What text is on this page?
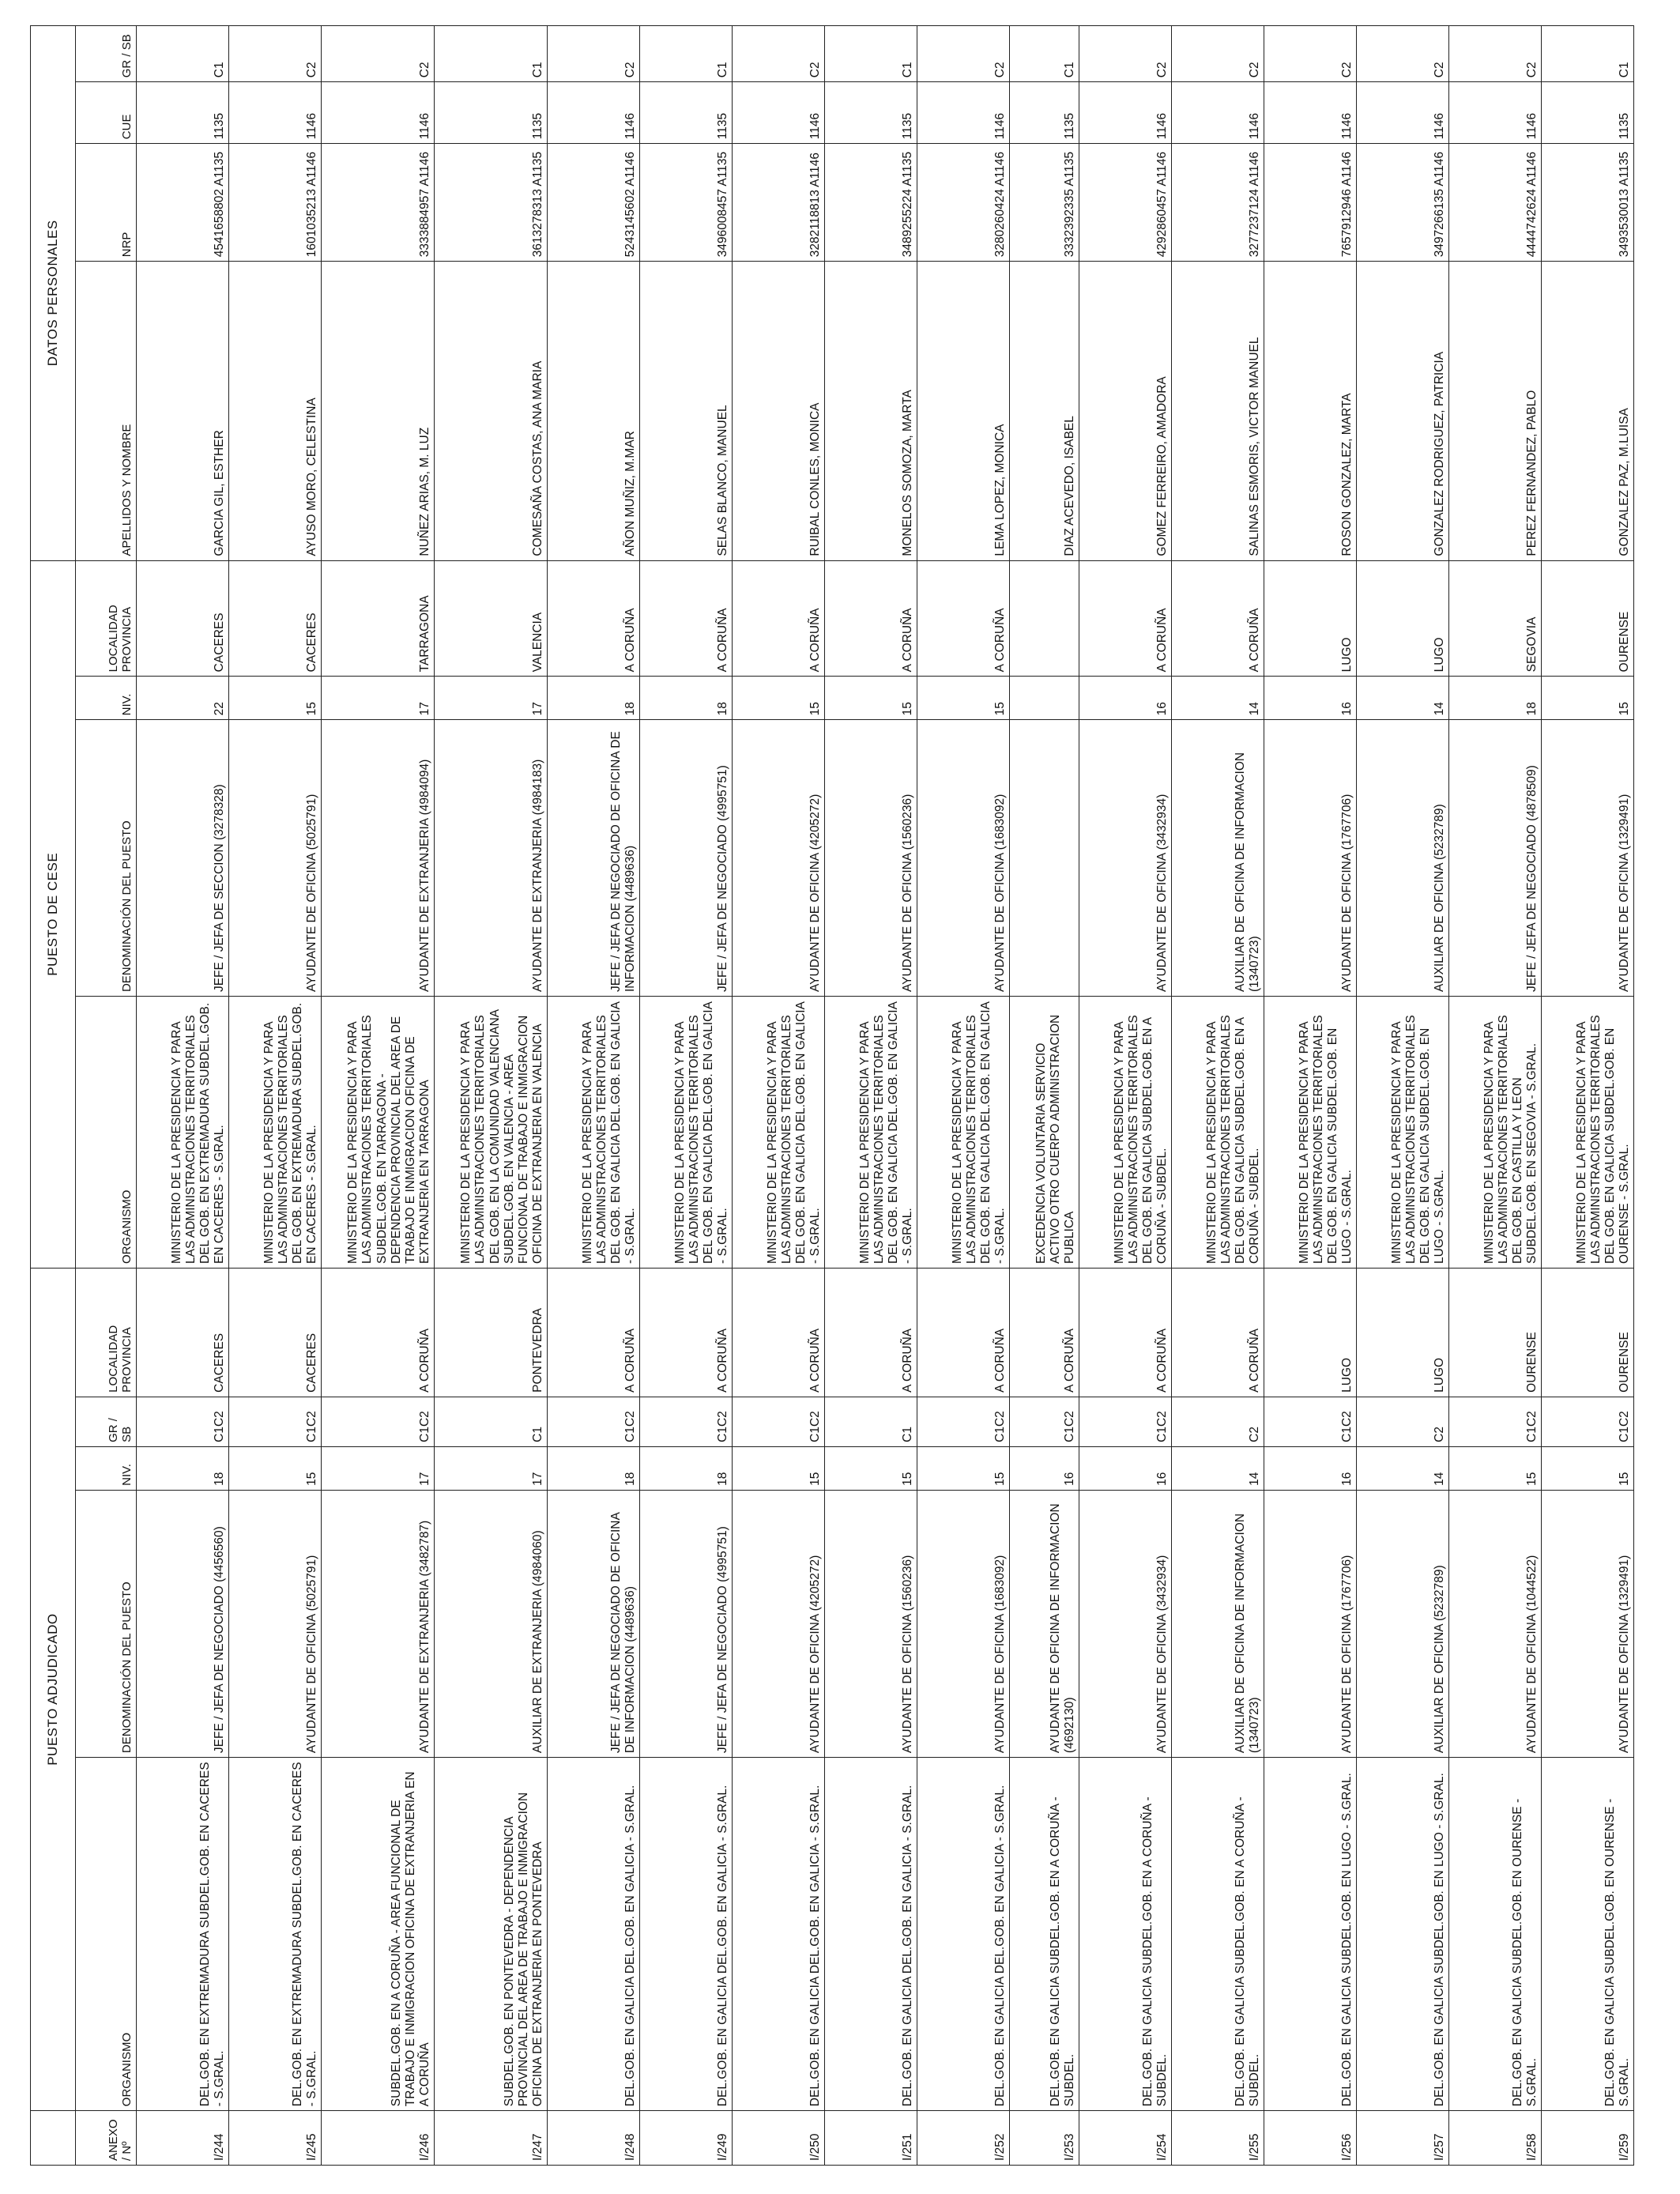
	PUESTO ADJUDICADO					PUESTO DE CESE				DATOS PERSONALES			
ANEXO / Nº	ORGANISMO	DENOMINACIÓN DEL PUESTO	NIV.	GR / SB	LOCALIDAD PROVINCIA	ORGANISMO	DENOMINACIÓN DEL PUESTO	NIV.	LOCALIDAD PROVINCIA	APELLIDOS Y NOMBRE	NRP	CUE	GR / SB
I/244	DEL.GOB. EN EXTREMADURA SUBDEL.GOB. EN CACERES - S.GRAL.	JEFE / JEFA DE NEGOCIADO (4456560)	18	C1C2	CACERES	MINISTERIO DE LA PRESIDENCIA Y PARA LAS ADMINISTRACIONES TERRITORIALES DEL GOB. EN EXTREMADURA SUBDEL.GOB. EN CACERES - S.GRAL.	JEFE / JEFA DE SECCION (3278328)	22	CACERES	GARCIA GIL, ESTHER	4541658802 A1135	1135	C1
I/245	DEL.GOB. EN EXTREMADURA SUBDEL.GOB. EN CACERES - S.GRAL.	AYUDANTE DE OFICINA (5025791)	15	C1C2	CACERES	MINISTERIO DE LA PRESIDENCIA Y PARA LAS ADMINISTRACIONES TERRITORIALES DEL GOB. EN EXTREMADURA SUBDEL.GOB. EN CACERES - S.GRAL.	AYUDANTE DE OFICINA (5025791)	15	CACERES	AYUSO MORO, CELESTINA	1601035213 A1146	1146	C2
I/246	SUBDEL.GOB. EN A CORUÑA - AREA FUNCIONAL DE TRABAJO E INMIGRACION OFICINA DE EXTRANJERIA EN A CORUÑA	AYUDANTE DE EXTRANJERIA (3482787)	17	C1C2	A CORUÑA	MINISTERIO DE LA PRESIDENCIA Y PARA LAS ADMINISTRACIONES TERRITORIALES SUBDEL.GOB. EN TARRAGONA - DEPENDENCIA PROVINCIAL DEL AREA DE TRABAJO E INMIGRACION OFICINA DE EXTRANJERIA EN TARRAGONA	AYUDANTE DE EXTRANJERIA (4984094)	17	TARRAGONA	NUÑEZ ARIAS, M. LUZ	3333884957 A1146	1146	C2
I/247	SUBDEL.GOB. EN PONTEVEDRA - DEPENDENCIA PROVINCIAL DEL AREA DE TRABAJO E INMIGRACION OFICINA DE EXTRANJERIA EN PONTEVEDRA	AUXILIAR DE EXTRANJERIA (4984060)	17	C1	PONTEVEDRA	MINISTERIO DE LA PRESIDENCIA Y PARA LAS ADMINISTRACIONES TERRITORIALES DEL GOB. EN LA COMUNIDAD VALENCIANA SUBDEL.GOB. EN VALENCIA - AREA FUNCIONAL DE TRABAJO E INMIGRACION OFICINA DE EXTRANJERIA EN VALENCIA	AYUDANTE DE EXTRANJERIA (4984183)	17	VALENCIA	COMESAÑA COSTAS, ANA MARIA	3613278313 A1135	1135	C1
I/248	DEL.GOB. EN GALICIA DEL.GOB. EN GALICIA - S.GRAL.	JEFE / JEFA DE NEGOCIADO DE OFICINA DE INFORMACION (4489636)	18	C1C2	A CORUÑA	MINISTERIO DE LA PRESIDENCIA Y PARA LAS ADMINISTRACIONES TERRITORIALES DEL GOB. EN GALICIA DEL.GOB. EN GALICIA - S.GRAL.	JEFE / JEFA DE NEGOCIADO DE OFICINA DE INFORMACION (4489636)	18	A CORUÑA	AÑON MUÑIZ, M.MAR	5243145602 A1146	1146	C2
I/249	DEL.GOB. EN GALICIA DEL.GOB. EN GALICIA - S.GRAL.	JEFE / JEFA DE NEGOCIADO (4995751)	18	C1C2	A CORUÑA	MINISTERIO DE LA PRESIDENCIA Y PARA LAS ADMINISTRACIONES TERRITORIALES DEL GOB. EN GALICIA DEL.GOB. EN GALICIA - S.GRAL.	JEFE / JEFA DE NEGOCIADO (4995751)	18	A CORUÑA	SELAS BLANCO, MANUEL	3496008457 A1135	1135	C1
I/250	DEL.GOB. EN GALICIA DEL.GOB. EN GALICIA - S.GRAL.	AYUDANTE DE OFICINA (4205272)	15	C1C2	A CORUÑA	MINISTERIO DE LA PRESIDENCIA Y PARA LAS ADMINISTRACIONES TERRITORIALES DEL GOB. EN GALICIA DEL.GOB. EN GALICIA - S.GRAL.	AYUDANTE DE OFICINA (4205272)	15	A CORUÑA	RUIBAL CONLES, MONICA	3282118813 A1146	1146	C2
I/251	DEL.GOB. EN GALICIA DEL.GOB. EN GALICIA - S.GRAL.	AYUDANTE DE OFICINA (1560236)	15	C1	A CORUÑA	MINISTERIO DE LA PRESIDENCIA Y PARA LAS ADMINISTRACIONES TERRITORIALES DEL GOB. EN GALICIA DEL.GOB. EN GALICIA - S.GRAL.	AYUDANTE DE OFICINA (1560236)	15	A CORUÑA	MONELOS SOMOZA, MARTA	3489255224 A1135	1135	C1
I/252	DEL.GOB. EN GALICIA DEL.GOB. EN GALICIA - S.GRAL.	AYUDANTE DE OFICINA (1683092)	15	C1C2	A CORUÑA	MINISTERIO DE LA PRESIDENCIA Y PARA LAS ADMINISTRACIONES TERRITORIALES DEL GOB. EN GALICIA DEL.GOB. EN GALICIA - S.GRAL.	AYUDANTE DE OFICINA (1683092)	15	A CORUÑA	LEMA LOPEZ, MONICA	3280260424 A1146	1146	C2
I/253	DEL.GOB. EN GALICIA SUBDEL.GOB. EN A CORUÑA - SUBDEL.	AYUDANTE DE OFICINA DE INFORMACION (4692130)	16	C1C2	A CORUÑA	EXCEDENCIA VOLUNTARIA SERVICIO ACTIVO OTRO CUERPO ADMINISTRACION PUBLICA				DIAZ ACEVEDO, ISABEL	3332392335 A1135	1135	C1
I/254	DEL.GOB. EN GALICIA SUBDEL.GOB. EN A CORUÑA - SUBDEL.	AYUDANTE DE OFICINA (3432934)	16	C1C2	A CORUÑA	MINISTERIO DE LA PRESIDENCIA Y PARA LAS ADMINISTRACIONES TERRITORIALES DEL GOB. EN GALICIA SUBDEL.GOB. EN A CORUÑA - SUBDEL.	AYUDANTE DE OFICINA (3432934)	16	A CORUÑA	GOMEZ FERREIRO, AMADORA	4292860457 A1146	1146	C2
I/255	DEL.GOB. EN GALICIA SUBDEL.GOB. EN A CORUÑA - SUBDEL.	AUXILIAR DE OFICINA DE INFORMACION (1340723)	14	C2	A CORUÑA	MINISTERIO DE LA PRESIDENCIA Y PARA LAS ADMINISTRACIONES TERRITORIALES DEL GOB. EN GALICIA SUBDEL.GOB. EN A CORUÑA - SUBDEL.	AUXILIAR DE OFICINA DE INFORMACION (1340723)	14	A CORUÑA	SALINAS ESMORIS, VICTOR MANUEL	3277237124 A1146	1146	C2
I/256	DEL.GOB. EN GALICIA SUBDEL.GOB. EN LUGO - S.GRAL.	AYUDANTE DE OFICINA (1767706)	16	C1C2	LUGO	MINISTERIO DE LA PRESIDENCIA Y PARA LAS ADMINISTRACIONES TERRITORIALES DEL GOB. EN GALICIA SUBDEL.GOB. EN LUGO - S.GRAL.	AYUDANTE DE OFICINA (1767706)	16	LUGO	ROSON GONZALEZ, MARTA	7657912946 A1146	1146	C2
I/257	DEL.GOB. EN GALICIA SUBDEL.GOB. EN LUGO - S.GRAL.	AUXILIAR DE OFICINA (5232789)	14	C2	LUGO	MINISTERIO DE LA PRESIDENCIA Y PARA LAS ADMINISTRACIONES TERRITORIALES DEL GOB. EN GALICIA SUBDEL.GOB. EN LUGO - S.GRAL.	AUXILIAR DE OFICINA (5232789)	14	LUGO	GONZALEZ RODRIGUEZ, PATRICIA	3497266135 A1146	1146	C2
I/258	DEL.GOB. EN GALICIA SUBDEL.GOB. EN OURENSE - S.GRAL.	AYUDANTE DE OFICINA (1044522)	15	C1C2	OURENSE	MINISTERIO DE LA PRESIDENCIA Y PARA LAS ADMINISTRACIONES TERRITORIALES DEL GOB. EN CASTILLA Y LEON SUBDEL.GOB. EN SEGOVIA - S.GRAL.	JEFE / JEFA DE NEGOCIADO (4878509)	18	SEGOVIA	PEREZ FERNANDEZ, PABLO	4444742624 A1146	1146	C2
I/259	DEL.GOB. EN GALICIA SUBDEL.GOB. EN OURENSE - S.GRAL.	AYUDANTE DE OFICINA (1329491)	15	C1C2	OURENSE	MINISTERIO DE LA PRESIDENCIA Y PARA LAS ADMINISTRACIONES TERRITORIALES DEL GOB. EN GALICIA SUBDEL.GOB. EN OURENSE - S.GRAL.	AYUDANTE DE OFICINA (1329491)	15	OURENSE	GONZALEZ PAZ, M.LUISA	3493530013 A1135	1135	C1
